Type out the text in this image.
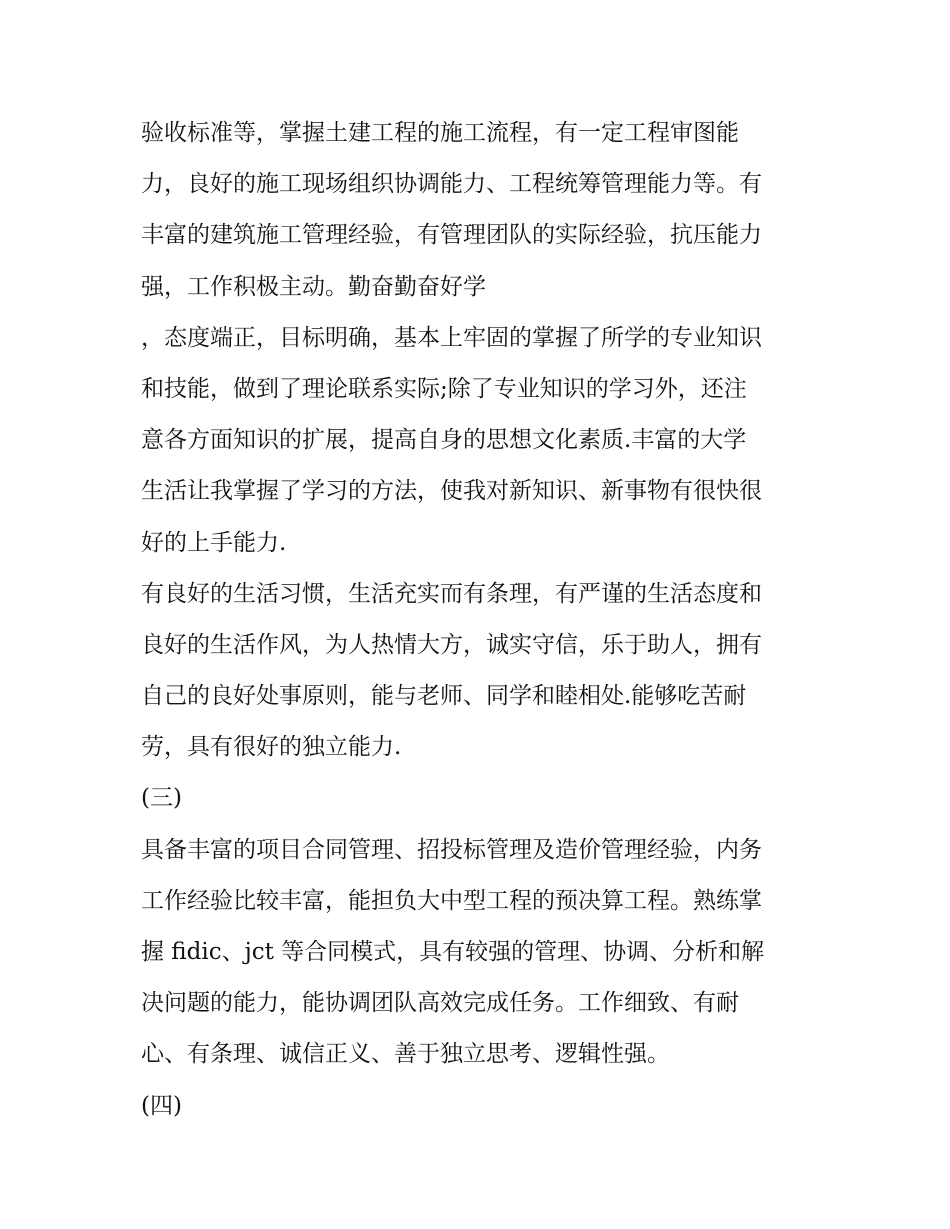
验收标准等，掌握土建工程的施工流程，有一定工程审图能
力，良好的施工现场组织协调能力、工程统筹管理能力等。有
丰富的建筑施工管理经验，有管理团队的实际经验，抗压能力
强，工作积极主动。勤奋勤奋好学
，态度端正，目标明确，基本上牢固的掌握了所学的专业知识
和技能，做到了理论联系实际;除了专业知识的学习外，还注
意各方面知识的扩展，提高自身的思想文化素质.丰富的大学
生活让我掌握了学习的方法，使我对新知识、新事物有很快很
好的上手能力.
有良好的生活习惯，生活充实而有条理，有严谨的生活态度和
良好的生活作风，为人热情大方，诚实守信，乐于助人，拥有
自己的良好处事原则，能与老师、同学和睦相处.能够吃苦耐
劳，具有很好的独立能力.
(三)
具备丰富的项目合同管理、招投标管理及造价管理经验，内务
工作经验比较丰富，能担负大中型工程的预决算工程。熟练掌
握 fidic、jct 等合同模式，具有较强的管理、协调、分析和解
决问题的能力，能协调团队高效完成任务。工作细致、有耐
心、有条理、诚信正义、善于独立思考、逻辑性强。
(四)
